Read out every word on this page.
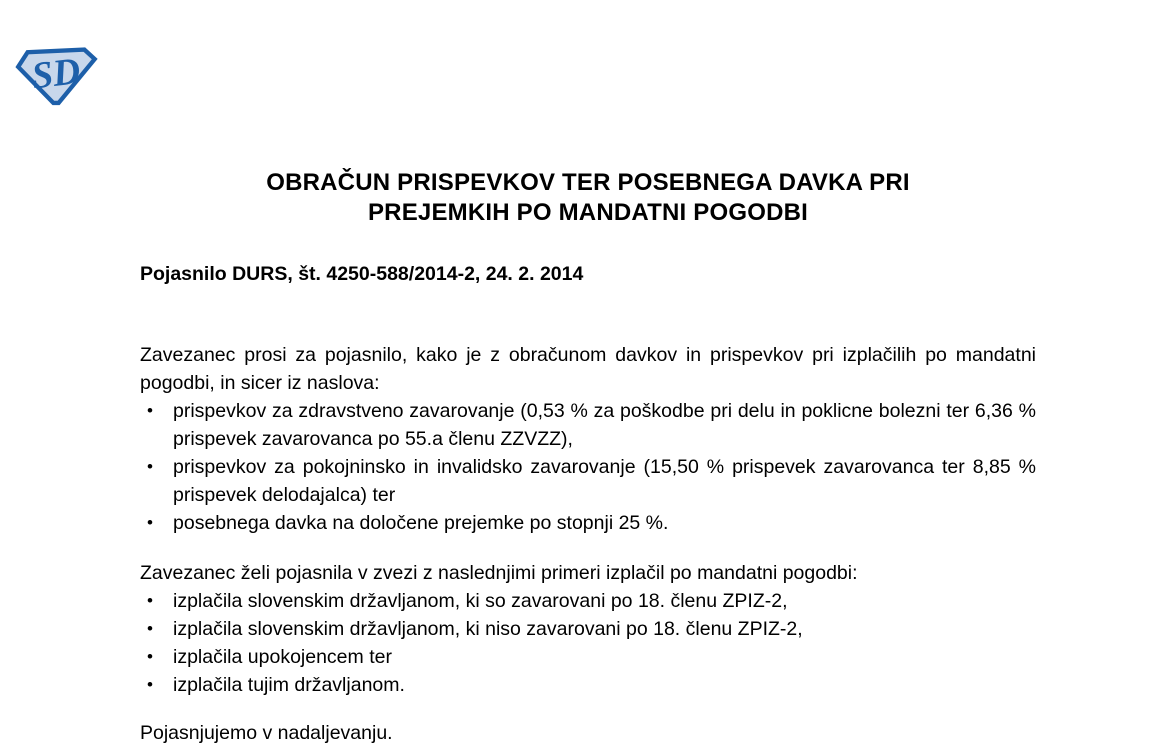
SD
OBRAČUN PRISPEVKOV TER POSEBNEGA DAVKA PRI
PREJEMKIH PO MANDATNI POGODBI

Pojasnilo DURS, št. 4250-588/2014-2, 24. 2. 2014

Zavezanec prosi za pojasnilo, kako je z obračunom davkov in prispevkov pri izplačilih po mandatni pogodbi, in sicer iz naslova:

• prispevkov za zdravstveno zavarovanje (0,53 % za poškodbe pri delu in poklicne bolezni ter 6,36 % prispevek zavarovanca po 55.a členu ZZVZZ),
• prispevkov za pokojninsko in invalidsko zavarovanje (15,50 % prispevek zavarovanca ter 8,85 % prispevek delodajalca) ter
• posebnega davka na določene prejemke po stopnji 25 %.

Zavezanec želi pojasnila v zvezi z naslednjimi primeri izplačil po mandatni pogodbi:

• izplačila slovenskim državljanom, ki so zavarovani po 18. členu ZPIZ-2,
• izplačila slovenskim državljanom, ki niso zavarovani po 18. členu ZPIZ-2,
• izplačila upokojencem ter
• izplačila tujim državljanom.

Pojasnjujemo v nadaljevanju.
